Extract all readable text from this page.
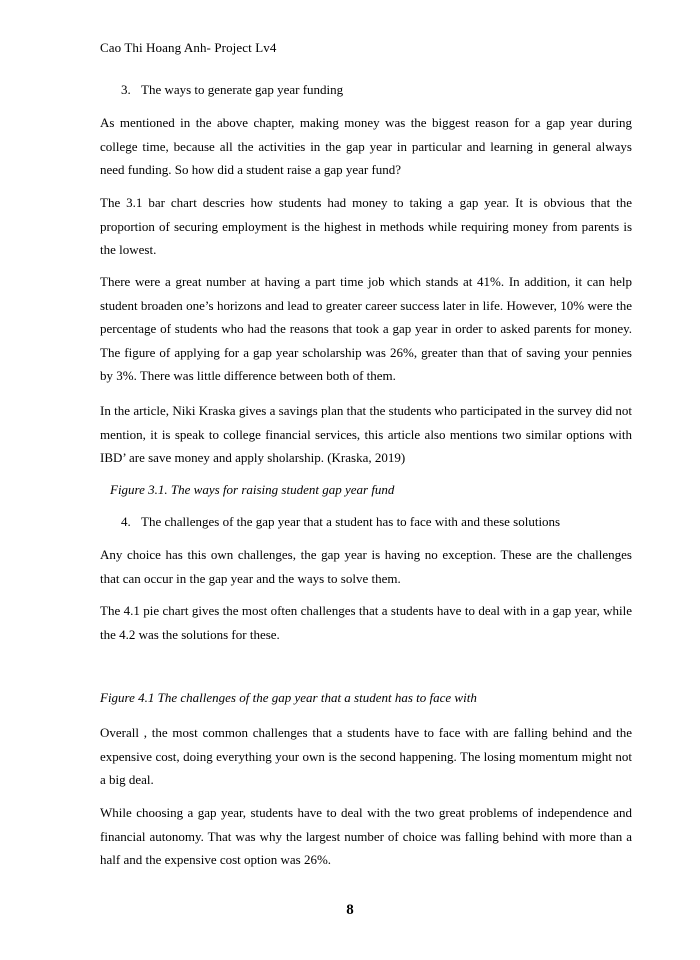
Cao Thi Hoang Anh- Project Lv4
3. The ways to generate gap year funding
As mentioned in the above chapter, making money was the biggest reason for a gap year during college time, because all the activities in the gap year in particular and learning in general always need funding. So how did a student raise a gap year fund?
The 3.1 bar chart descries how students had money to taking a gap year. It is obvious that the proportion of securing employment is the highest in methods while requiring money from parents is the lowest.
There were a great number at having a part time job which stands at 41%. In addition, it can help student broaden one’s horizons and lead to greater career success later in life. However, 10% were the percentage of students who had the reasons that took a gap year in order to asked parents for money. The figure of applying for a gap year scholarship was 26%, greater than that of saving your pennies by 3%. There was little difference between both of them.
In the article, Niki Kraska gives a savings plan that the students who participated in the survey did not mention, it is speak to college financial services, this article also mentions two similar options with IBD’ are save money and apply sholarship. (Kraska, 2019)
Figure 3.1. The ways for raising student gap year fund
4. The challenges of the gap year that a student has to face with and these solutions
Any choice has this own challenges, the gap year is having no exception. These are the challenges that can occur in the gap year and the ways to solve them.
The 4.1 pie chart gives the most often challenges that a students have to deal with in a gap year, while the 4.2 was the solutions for these.
Figure 4.1 The challenges of the gap year that a student has to face with
Overall , the most common challenges that a students have to face with are falling behind and the expensive cost, doing everything your own is the second happening. The losing momentum might not a big deal.
While choosing a gap year, students have to deal with the two great problems of independence and financial autonomy. That was why the largest number of choice was falling behind with more than a half and the expensive cost option was 26%.
8
